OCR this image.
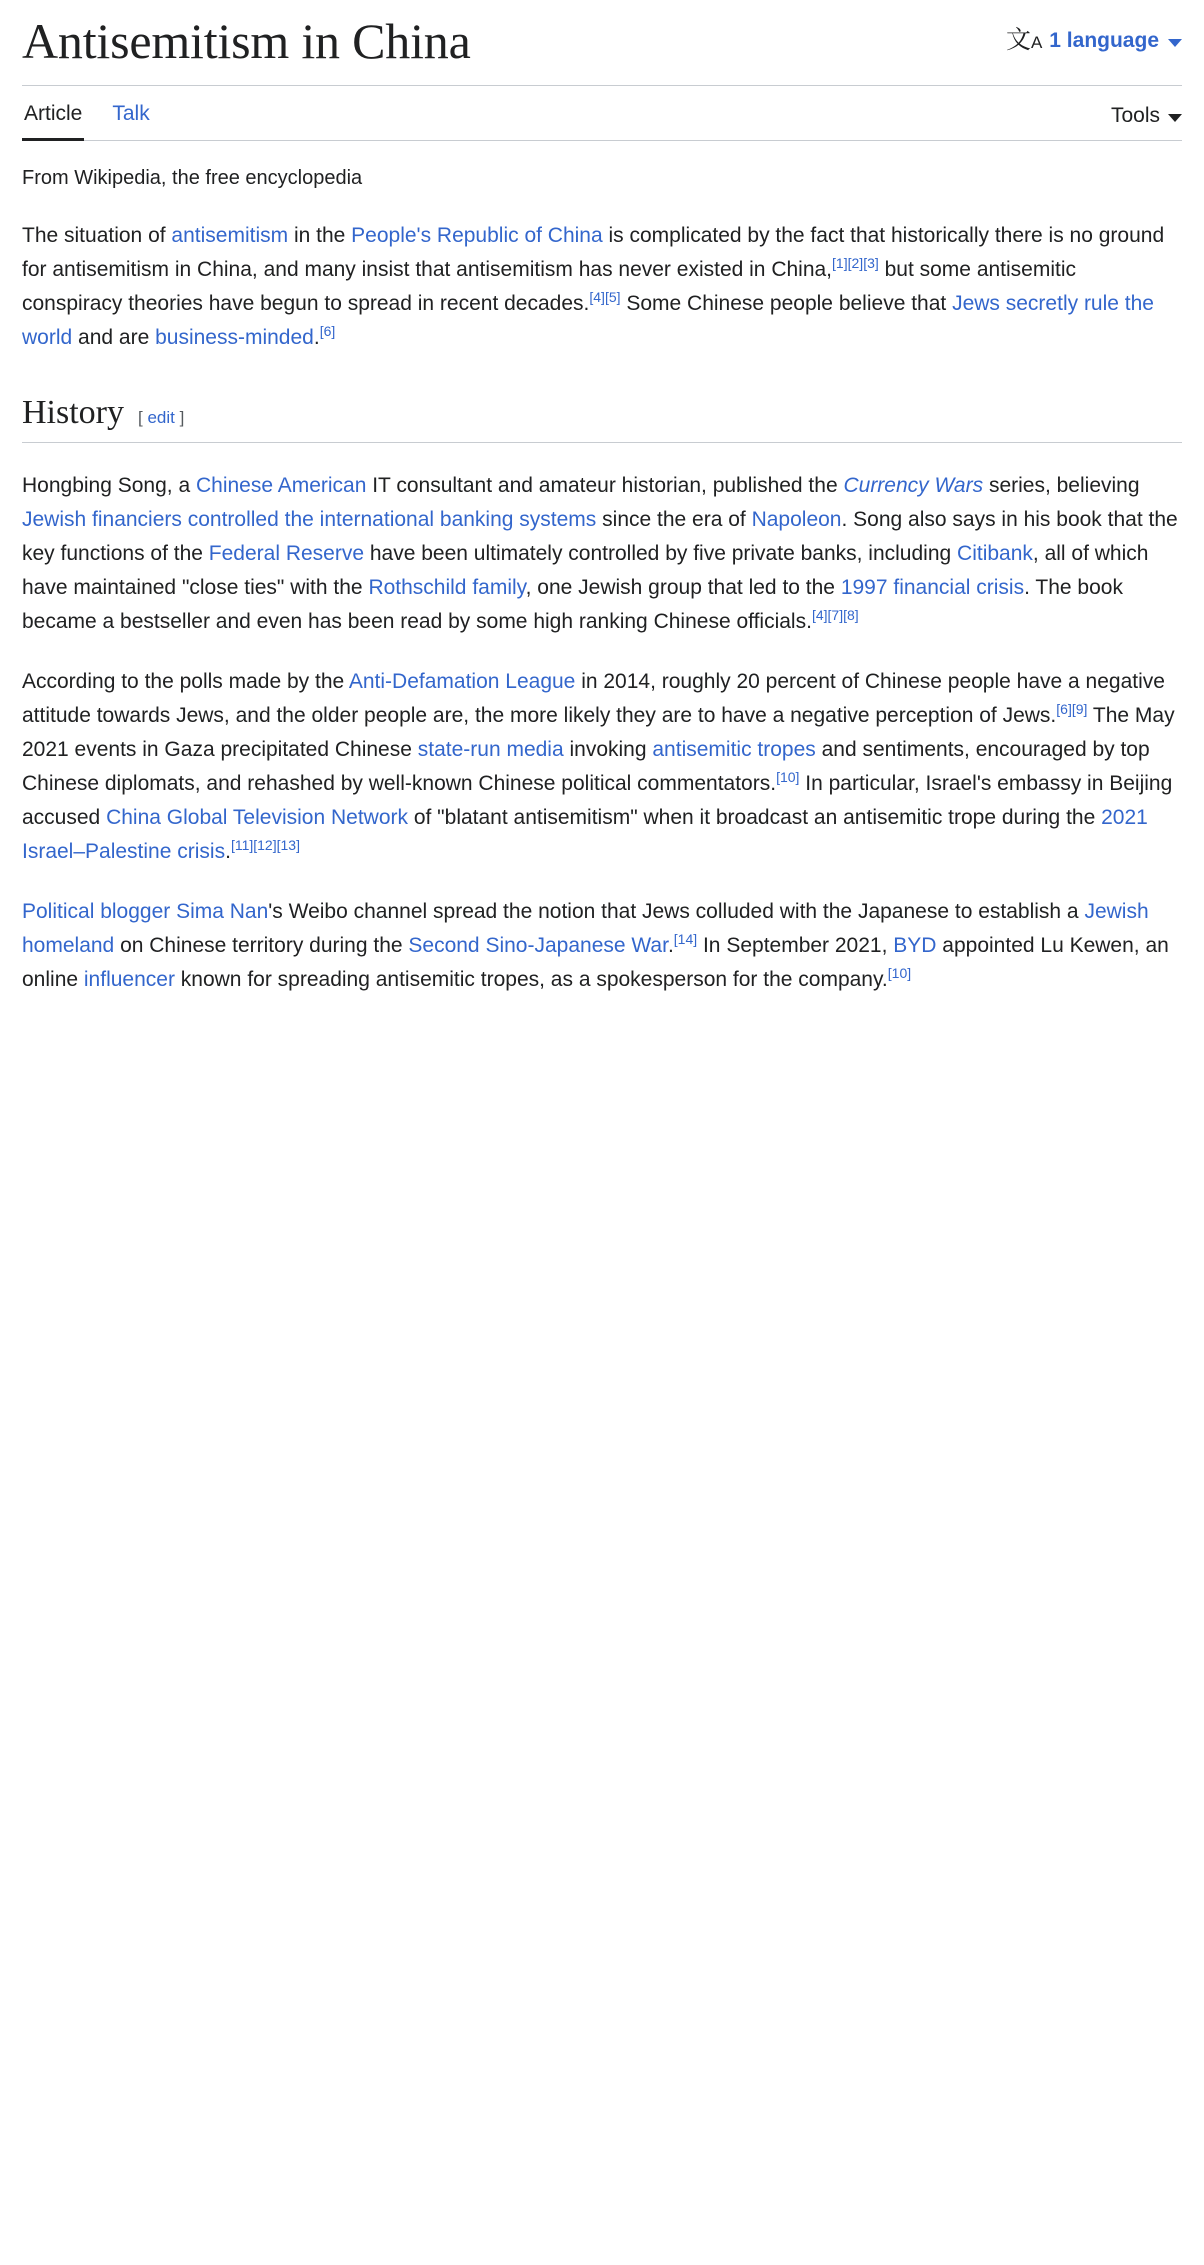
Antisemitism in China	文A 1 language
Article Talk	Tools
From Wikipedia, the free encyclopedia

The situation of antisemitism in the People's Republic of China is complicated by the fact that historically there is no ground for antisemitism in China, and many insist that antisemitism has never existed in China,[1][2][3] but some antisemitic conspiracy theories have begun to spread in recent decades.[4][5] Some Chinese people believe that Jews secretly rule the world and are business-minded.[6]

History [ edit ]

Hongbing Song, a Chinese American IT consultant and amateur historian, published the Currency Wars series, believing Jewish financiers controlled the international banking systems since the era of Napoleon. Song also says in his book that the key functions of the Federal Reserve have been ultimately controlled by five private banks, including Citibank, all of which have maintained "close ties" with the Rothschild family, one Jewish group that led to the 1997 financial crisis. The book became a bestseller and even has been read by some high ranking Chinese officials.[4][7][8]

According to the polls made by the Anti-Defamation League in 2014, roughly 20 percent of Chinese people have a negative attitude towards Jews, and the older people are, the more likely they are to have a negative perception of Jews.[6][9] The May 2021 events in Gaza precipitated Chinese state-run media invoking antisemitic tropes and sentiments, encouraged by top Chinese diplomats, and rehashed by well-known Chinese political commentators.[10] In particular, Israel's embassy in Beijing accused China Global Television Network of "blatant antisemitism" when it broadcast an antisemitic trope during the 2021 Israel–Palestine crisis.[11][12][13]

Political blogger Sima Nan's Weibo channel spread the notion that Jews colluded with the Japanese to establish a Jewish homeland on Chinese territory during the Second Sino-Japanese War.[14] In September 2021, BYD appointed Lu Kewen, an online influencer known for spreading antisemitic tropes, as a spokesperson for the company.[10]
